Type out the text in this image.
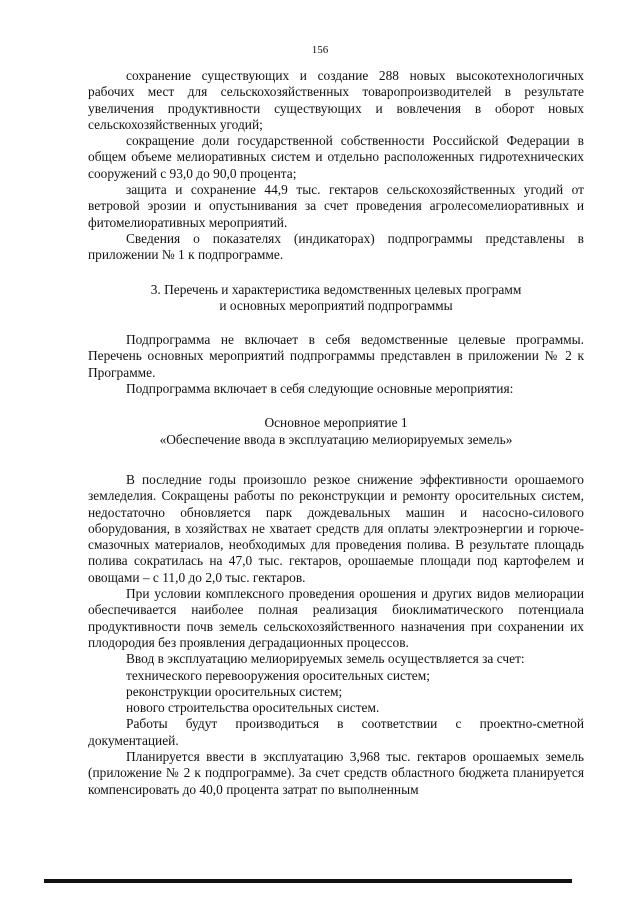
156

сохранение существующих и создание 288 новых высокотехнологичных рабочих мест для сельскохозяйственных товаропроизводителей в результате увеличения продуктивности существующих и вовлечения в оборот новых сельскохозяйственных угодий;

сокращение доли государственной собственности Российской Федерации в общем объеме мелиоративных систем и отдельно расположенных гидротехнических сооружений с 93,0 до 90,0 процента;

защита и сохранение 44,9 тыс. гектаров сельскохозяйственных угодий от ветровой эрозии и опустынивания за счет проведения агролесомелиоративных и фитомелиоративных мероприятий.

Сведения о показателях (индикаторах) подпрограммы представлены в приложении № 1 к подпрограмме.

3. Перечень и характеристика ведомственных целевых программ
и основных мероприятий подпрограммы

Подпрограмма не включает в себя ведомственные целевые программы. Перечень основных мероприятий подпрограммы представлен в приложении № 2 к Программе.

Подпрограмма включает в себя следующие основные мероприятия:

Основное мероприятие 1
«Обеспечение ввода в эксплуатацию мелиорируемых земель»

В последние годы произошло резкое снижение эффективности орошаемого земледелия. Сокращены работы по реконструкции и ремонту оросительных систем, недостаточно обновляется парк дождевальных машин и насосно-силового оборудования, в хозяйствах не хватает средств для оплаты электроэнергии и горюче-смазочных материалов, необходимых для проведения полива. В результате площадь полива сократилась на 47,0 тыс. гектаров, орошаемые площади под картофелем и овощами – с 11,0 до 2,0 тыс. гектаров.

При условии комплексного проведения орошения и других видов мелиорации обеспечивается наиболее полная реализация биоклиматического потенциала продуктивности почв земель сельскохозяйственного назначения при сохранении их плодородия без проявления деградационных процессов.

Ввод в эксплуатацию мелиорируемых земель осуществляется за счет:

технического перевооружения оросительных систем;

реконструкции оросительных систем;

нового строительства оросительных систем.

Работы будут производиться в соответствии с проектно-сметной документацией.

Планируется ввести в эксплуатацию 3,968 тыс. гектаров орошаемых земель (приложение № 2 к подпрограмме). За счет средств областного бюджета планируется компенсировать до 40,0 процента затрат по выполненным
